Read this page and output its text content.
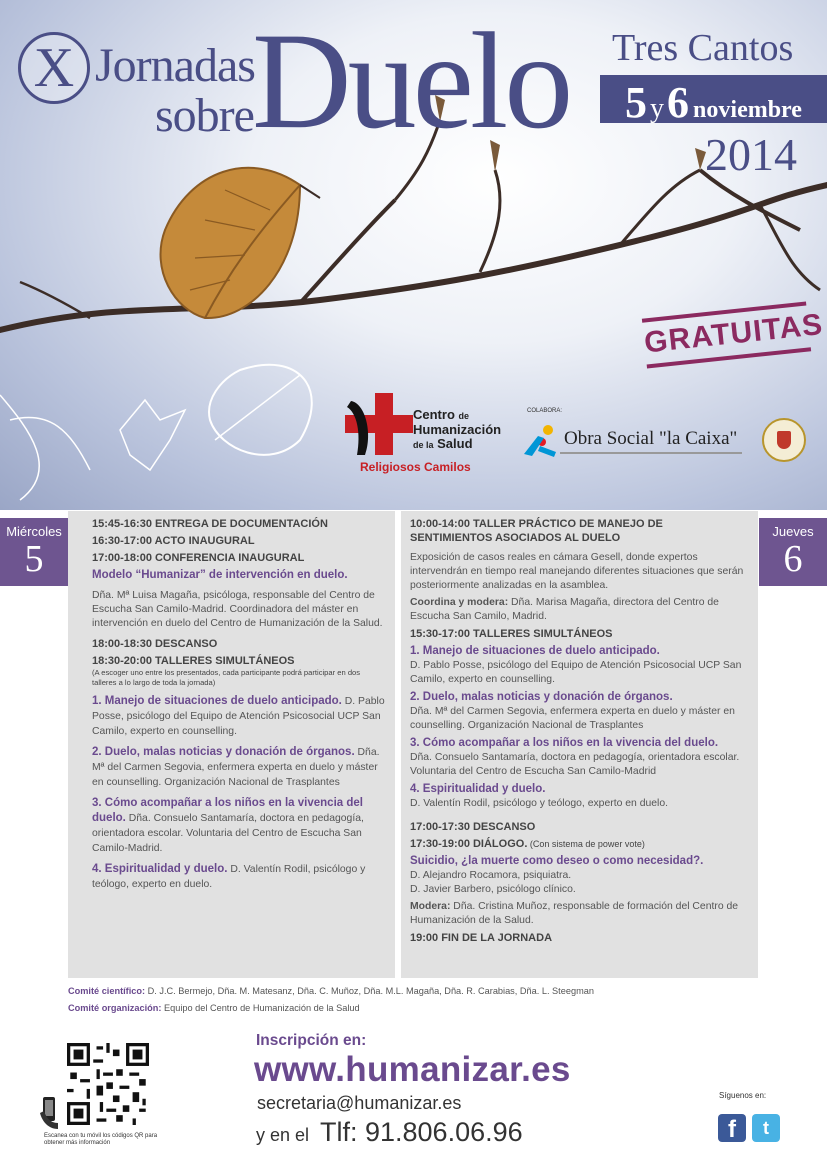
X Jornadas
sobre
Duelo Tres Cantos
5 y 6 noviembre
2014
GRATUITAS
Centro de
Humanización
de la Salud
Religiosos Camilos
COLABORA:
Obra Social "la Caixa"
Miércoles
5
Jueves
6
15:45-16:30 ENTREGA DE DOCUMENTACIÓN
16:30-17:00 ACTO INAUGURAL
17:00-18:00 CONFERENCIA INAUGURAL
Modelo “Humanizar” de intervención en duelo.
Dña. Mª Luisa Magaña, psicóloga, responsable del Centro de Escucha San Camilo-Madrid. Coordinadora del máster en intervención en duelo del Centro de Humanización de la Salud.
18:00-18:30 DESCANSO
18:30-20:00 TALLERES SIMULTÁNEOS
(A escoger uno entre los presentados, cada participante podrá participar en dos talleres a lo largo de toda la jornada)
1. Manejo de situaciones de duelo anticipado. D. Pablo Posse, psicólogo del Equipo de Atención Psicosocial UCP San Camilo, experto en counselling.
2. Duelo, malas noticias y donación de órganos. Dña. Mª del Carmen Segovia, enfermera experta en duelo y máster en counselling. Organización Nacional de Trasplantes
3. Cómo acompañar a los niños en la vivencia del duelo. Dña. Consuelo Santamaría, doctora en pedagogía, orientadora escolar. Voluntaria del Centro de Escucha San Camilo-Madrid.
4. Espiritualidad y duelo. D. Valentín Rodil, psicólogo y teólogo, experto en duelo.
10:00-14:00 TALLER PRÁCTICO DE MANEJO DE SENTIMIENTOS ASOCIADOS AL DUELO
Exposición de casos reales en cámara Gesell, donde expertos intervendrán en tiempo real manejando diferentes situaciones que serán posteriormente analizadas en la asamblea.
Coordina y modera: Dña. Marisa Magaña, directora del Centro de Escucha San Camilo, Madrid.
15:30-17:00 TALLERES SIMULTÁNEOS
1. Manejo de situaciones de duelo anticipado.
D. Pablo Posse, psicólogo del Equipo de Atención Psicosocial UCP San Camilo, experto en counselling.
2. Duelo, malas noticias y donación de órganos.
Dña. Mª del Carmen Segovia, enfermera experta en duelo y máster en counselling. Organización Nacional de Trasplantes
3. Cómo acompañar a los niños en la vivencia del duelo.
Dña. Consuelo Santamaría, doctora en pedagogía, orientadora escolar. Voluntaria del Centro de Escucha San Camilo-Madrid
4. Espiritualidad y duelo.
D. Valentín Rodil, psicólogo y teólogo, experto en duelo.
17:00-17:30 DESCANSO
17:30-19:00 DIÁLOGO. (Con sistema de power vote)
Suicidio, ¿la muerte como deseo o como necesidad?.
D. Alejandro Rocamora, psiquiatra.
D. Javier Barbero, psicólogo clínico.
Modera: Dña. Cristina Muñoz, responsable de formación del Centro de Humanización de la Salud.
19:00 FIN DE LA JORNADA
Comité científico: D. J.C. Bermejo, Dña. M. Matesanz, Dña. C. Muñoz, Dña. M.L. Magaña, Dña. R. Carabias, Dña. L. Steegman
Comité organización: Equipo del Centro de Humanización de la Salud
Escanea con tu móvil los códigos QR para obtener más información
Inscripción en:
www.humanizar.es
secretaria@humanizar.es
y en el Tlf: 91.806.06.96
Síguenos en:
f	t
